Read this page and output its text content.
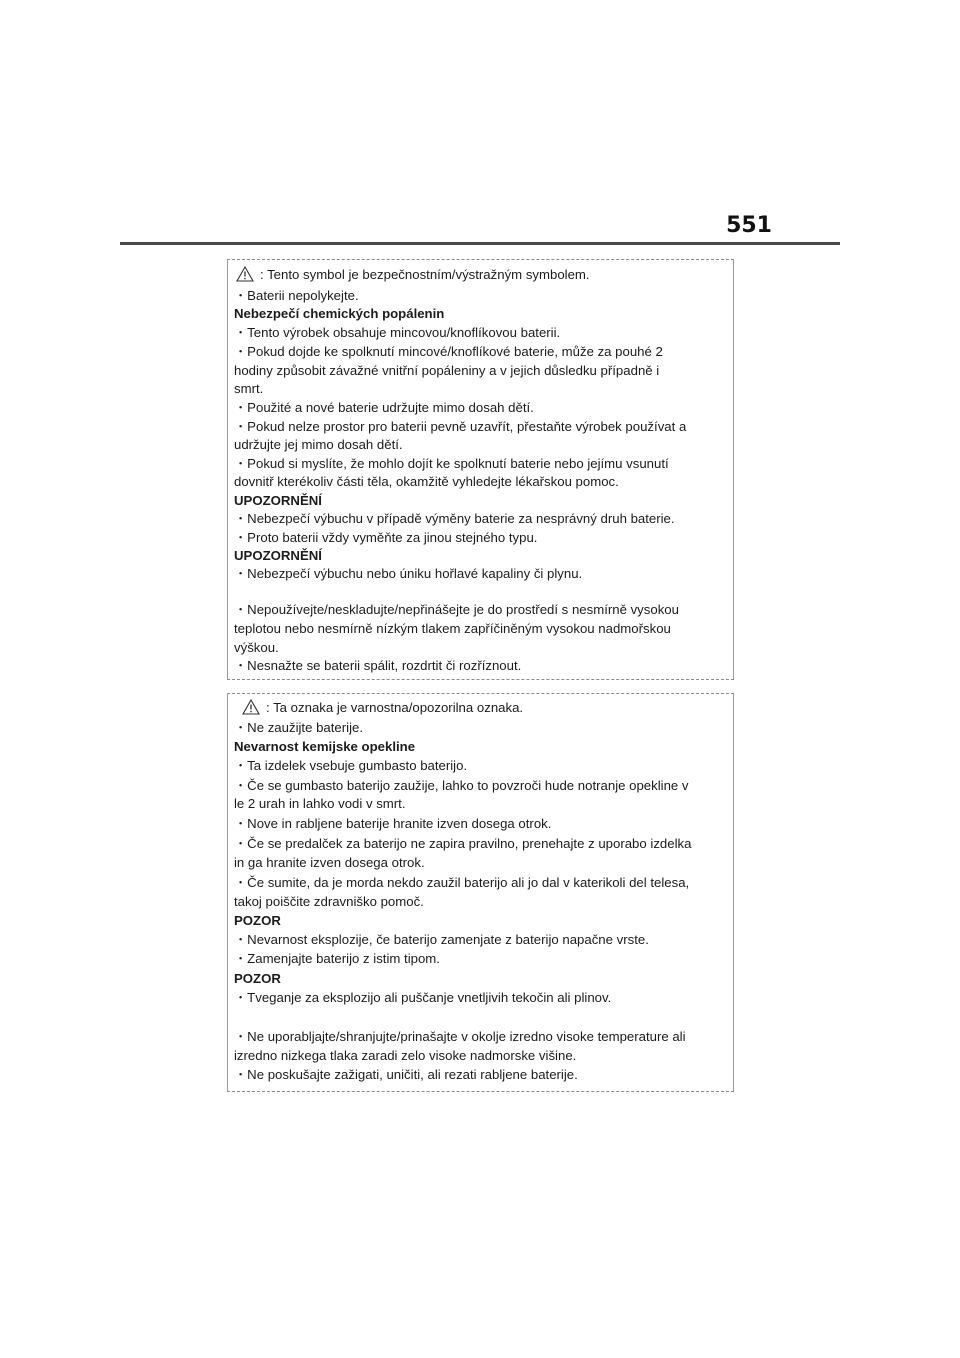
551
: Tento symbol je bezpečnostním/výstražným symbolem.
・Baterii nepolykejte.
Nebezpečí chemických popálenin
・Tento výrobek obsahuje mincovou/knoflíkovou baterii.
・Pokud dojde ke spolknutí mincové/knoflíkové baterie, může za pouhé 2
hodiny způsobit závažné vnitřní popáleniny a v jejich důsledku případně i
smrt.
・Použité a nové baterie udržujte mimo dosah dětí.
・Pokud nelze prostor pro baterii pevně uzavřít, přestaňte výrobek používat a
udržujte jej mimo dosah dětí.
・Pokud si myslíte, že mohlo dojít ke spolknutí baterie nebo jejímu vsunutí
dovnitř kterékoliv části těla, okamžitě vyhledejte lékařskou pomoc.
UPOZORNĚNÍ
・Nebezpečí výbuchu v případě výměny baterie za nesprávný druh baterie.
・Proto baterii vždy vyměňte za jinou stejného typu.
UPOZORNĚNÍ
・Nebezpečí výbuchu nebo úniku hořlavé kapaliny či plynu.
・Nepoužívejte/neskladujte/nepřinášejte je do prostředí s nesmírně vysokou
teplotou nebo nesmírně nízkým tlakem zapříčiněným vysokou nadmořskou
výškou.
・Nesnažte se baterii spálit, rozdrtit či rozříznout.
: Ta oznaka je varnostna/opozorilna oznaka.
・Ne zaužijte baterije.
Nevarnost kemijske opekline
・Ta izdelek vsebuje gumbasto baterijo.
・Če se gumbasto baterijo zaužije, lahko to povzroči hude notranje opekline v
le 2 urah in lahko vodi v smrt.
・Nove in rabljene baterije hranite izven dosega otrok.
・Če se predalček za baterijo ne zapira pravilno, prenehajte z uporabo izdelka
in ga hranite izven dosega otrok.
・Če sumite, da je morda nekdo zaužil baterijo ali jo dal v katerikoli del telesa,
takoj poiščite zdravniško pomoč.
POZOR
・Nevarnost eksplozije, če baterijo zamenjate z baterijo napačne vrste.
・Zamenjajte baterijo z istim tipom.
POZOR
・Tveganje za eksplozijo ali puščanje vnetljivih tekočin ali plinov.
・Ne uporabljajte/shranjujte/prinašajte v okolje izredno visoke temperature ali
izredno nizkega tlaka zaradi zelo visoke nadmorske višine.
・Ne poskušajte zažigati, uničiti, ali rezati rabljene baterije.
